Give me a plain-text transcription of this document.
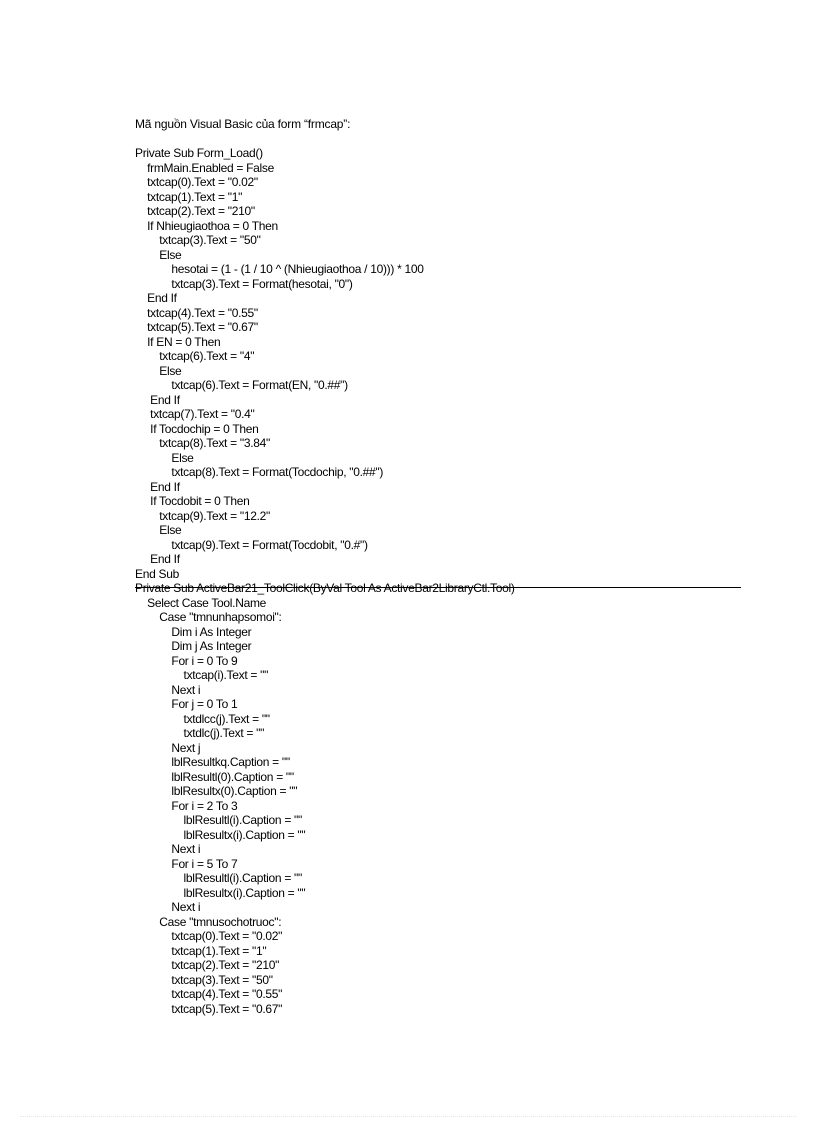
Mã nguồn Visual Basic của form “frmcap”:
Private Sub Form_Load()
frmMain.Enabled = False
txtcap(0).Text = "0.02"
txtcap(1).Text = "1"
txtcap(2).Text = "210"
If Nhieugiaothoa = 0 Then
txtcap(3).Text = "50"
Else
hesotai = (1 - (1 / 10 ^ (Nhieugiaothoa / 10))) * 100
txtcap(3).Text = Format(hesotai, "0")
End If
txtcap(4).Text = "0.55"
txtcap(5).Text = "0.67"
If EN = 0 Then
txtcap(6).Text = "4"
Else
txtcap(6).Text = Format(EN, "0.##")
End If
txtcap(7).Text = "0.4"
If Tocdochip = 0 Then
txtcap(8).Text = "3.84"
Else
txtcap(8).Text = Format(Tocdochip, "0.##")
End If
If Tocdobit = 0 Then
txtcap(9).Text = "12.2"
Else
txtcap(9).Text = Format(Tocdobit, "0.#")
End If
End Sub
Private Sub ActiveBar21_ToolClick(ByVal Tool As ActiveBar2LibraryCtl.Tool)
Select Case Tool.Name
Case "tmnunhapsomoi":
Dim i As Integer
Dim j As Integer
For i = 0 To 9
txtcap(i).Text = ""
Next i
For j = 0 To 1
txtdlcc(j).Text = ""
txtdlc(j).Text = ""
Next j
lblResultkq.Caption = ""
lblResultl(0).Caption = ""
lblResultx(0).Caption = ""
For i = 2 To 3
lblResultl(i).Caption = ""
lblResultx(i).Caption = ""
Next i
For i = 5 To 7
lblResultl(i).Caption = ""
lblResultx(i).Caption = ""
Next i
Case "tmnusochotruoc":
txtcap(0).Text = "0.02"
txtcap(1).Text = "1"
txtcap(2).Text = "210"
txtcap(3).Text = "50"
txtcap(4).Text = "0.55"
txtcap(5).Text = "0.67"
